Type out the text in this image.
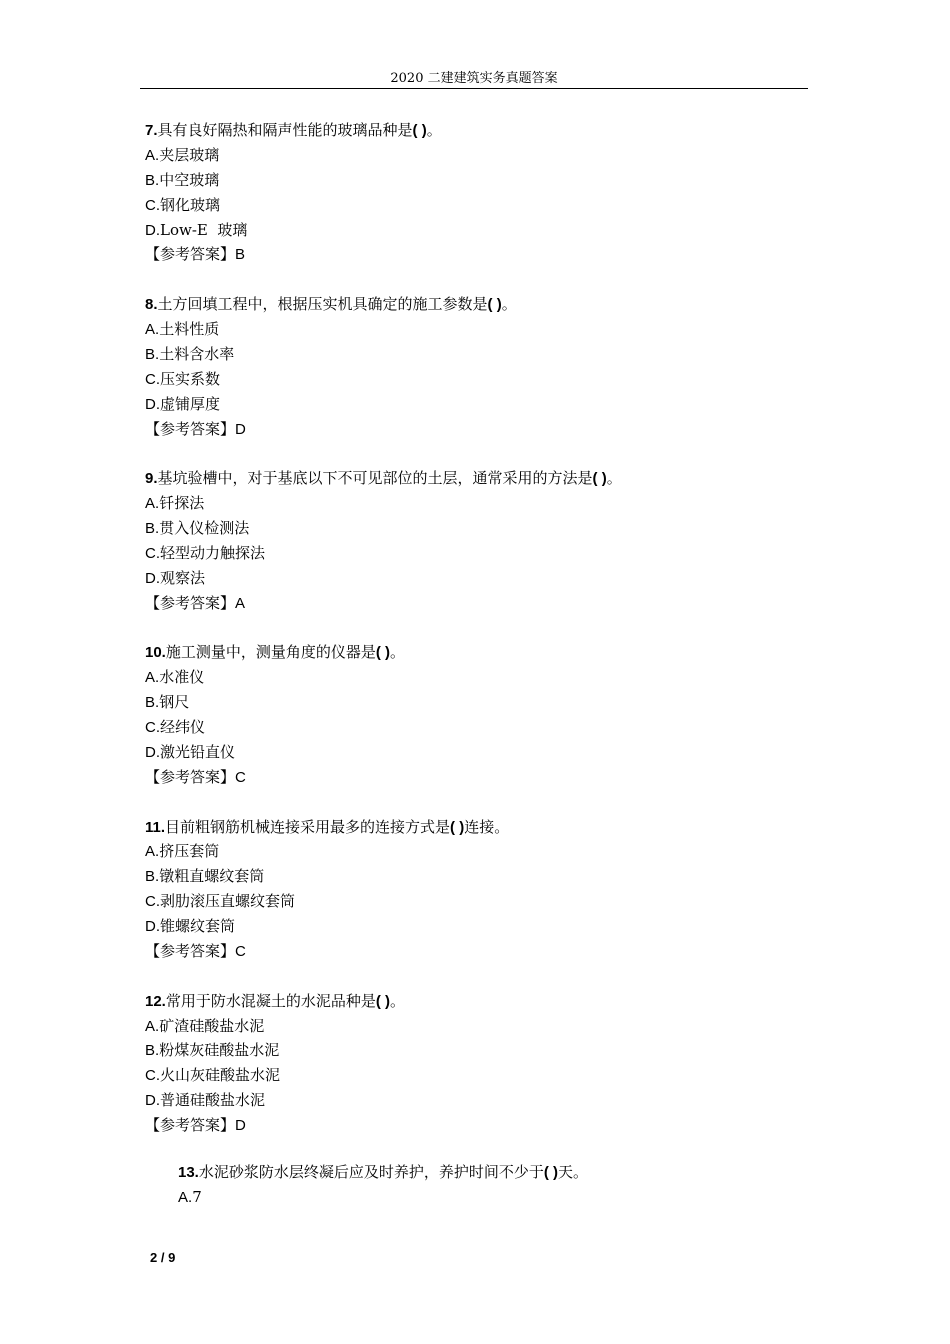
2020 二建建筑实务真题答案
7.具有良好隔热和隔声性能的玻璃品种是( )。
A.夹层玻璃
B.中空玻璃
C.钢化玻璃
D.Low-E  玻璃
【参考答案】B
8.土方回填工程中，根据压实机具确定的施工参数是( )。
A.土料性质
B.土料含水率
C.压实系数
D.虚铺厚度
【参考答案】D
9.基坑验槽中，对于基底以下不可见部位的土层，通常采用的方法是( )。
A.钎探法
B.贯入仪检测法
C.轻型动力触探法
D.观察法
【参考答案】A
10.施工测量中，测量角度的仪器是( )。
A.水准仪
B.钢尺
C.经纬仪
D.激光铅直仪
【参考答案】C
11.目前粗钢筋机械连接采用最多的连接方式是( )连接。
A.挤压套筒
B.镦粗直螺纹套筒
C.剥肋滚压直螺纹套筒
D.锥螺纹套筒
【参考答案】C
12.常用于防水混凝土的水泥品种是( )。
A.矿渣硅酸盐水泥
B.粉煤灰硅酸盐水泥
C.火山灰硅酸盐水泥
D.普通硅酸盐水泥
【参考答案】D
13.水泥砂浆防水层终凝后应及时养护，养护时间不少于( )天。
A.7
2 / 9
